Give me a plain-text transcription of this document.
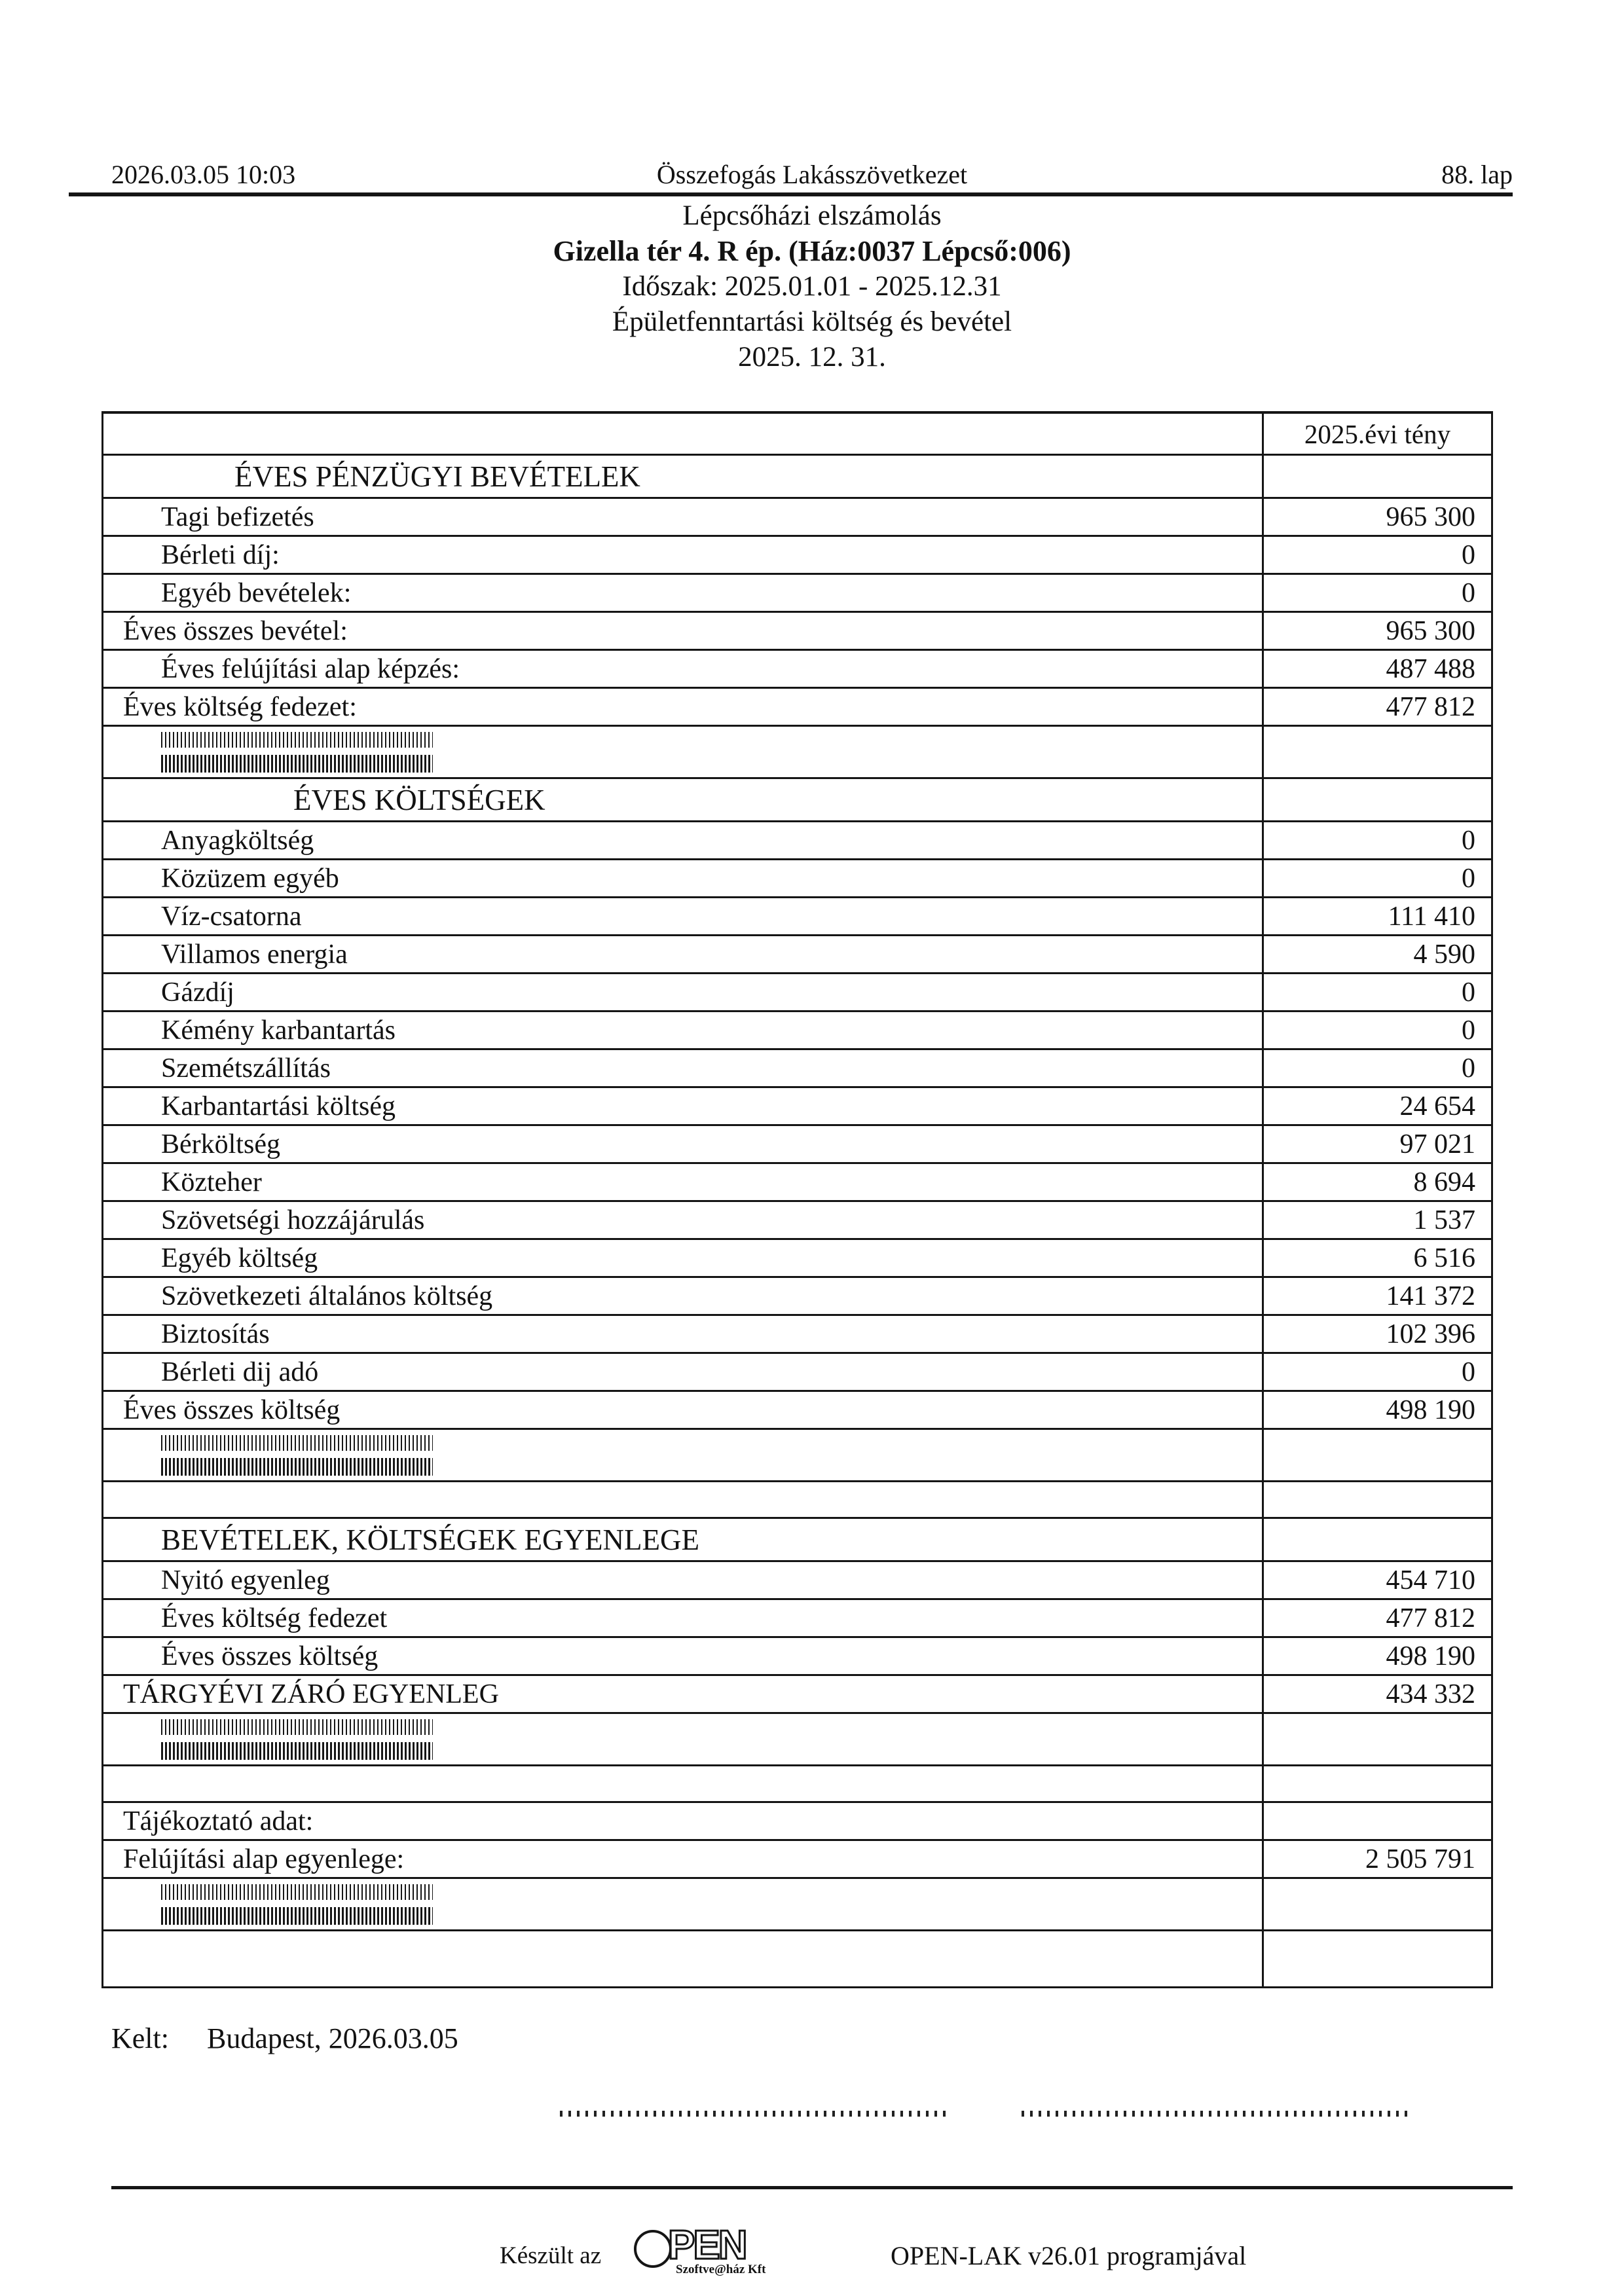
2026.03.05 10:03	Összefogás Lakásszövetkezet	88. lap
Lépcsőházi elszámolás
Gizella tér 4. R ép. (Ház:0037 Lépcső:006)
Időszak: 2025.01.01 - 2025.12.31
Épületfenntartási költség és bevétel
2025. 12. 31.
2025.évi tény
ÉVES PÉNZÜGYI BEVÉTELEK
Tagi befizetés	965 300
Bérleti díj:	0
Egyéb bevételek:	0
Éves összes bevétel:	965 300
Éves felújítási alap képzés:	487 488
Éves költség fedezet:	477 812
ÉVES KÖLTSÉGEK
Anyagköltség	0
Közüzem egyéb	0
Víz-csatorna	111 410
Villamos energia	4 590
Gázdíj	0
Kémény karbantartás	0
Szemétszállítás	0
Karbantartási költség	24 654
Bérköltség	97 021
Közteher	8 694
Szövetségi hozzájárulás	1 537
Egyéb költség	6 516
Szövetkezeti általános költség	141 372
Biztosítás	102 396
Bérleti dij adó	0
Éves összes költség	498 190
BEVÉTELEK, KÖLTSÉGEK EGYENLEGE
Nyitó egyenleg	454 710
Éves költség fedezet	477 812
Éves összes költség	498 190
TÁRGYÉVI ZÁRÓ EGYENLEG	434 332
Tájékoztató adat:
Felújítási alap egyenlege:	2 505 791
Kelt: Budapest, 2026.03.05
Készült az PEN
Szoftve@ház Kft	OPEN-LAK v26.01 programjával
